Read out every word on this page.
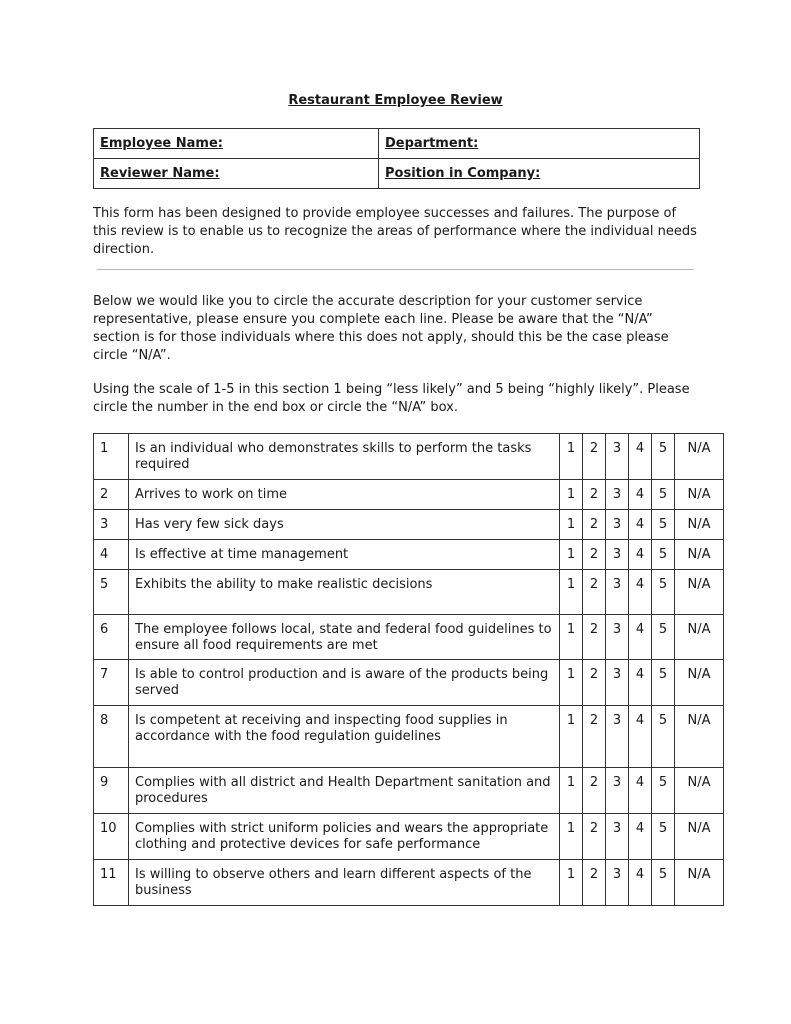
Restaurant Employee Review
Employee Name:	Department:
Reviewer Name:	Position in Company:

This form has been designed to provide employee successes and failures. The purpose of this review is to enable us to recognize the areas of performance where the individual needs direction.

Below we would like you to circle the accurate description for your customer service representative, please ensure you complete each line. Please be aware that the “N/A” section is for those individuals where this does not apply, should this be the case please circle “N/A”.

Using the scale of 1-5 in this section 1 being “less likely” and 5 being “highly likely”. Please circle the number in the end box or circle the “N/A” box.

1	Is an individual who demonstrates skills to perform the tasks required	1	2	3	4	5	N/A
2	Arrives to work on time	1	2	3	4	5	N/A
3	Has very few sick days	1	2	3	4	5	N/A
4	Is effective at time management	1	2	3	4	5	N/A
5	Exhibits the ability to make realistic decisions	1	2	3	4	5	N/A
6	The employee follows local, state and federal food guidelines to ensure all food requirements are met	1	2	3	4	5	N/A
7	Is able to control production and is aware of the products being served	1	2	3	4	5	N/A
8	Is competent at receiving and inspecting food supplies in accordance with the food regulation guidelines	1	2	3	4	5	N/A
9	Complies with all district and Health Department sanitation and procedures	1	2	3	4	5	N/A
10	Complies with strict uniform policies and wears the appropriate clothing and protective devices for safe performance	1	2	3	4	5	N/A
11	Is willing to observe others and learn different aspects of the business	1	2	3	4	5	N/A
